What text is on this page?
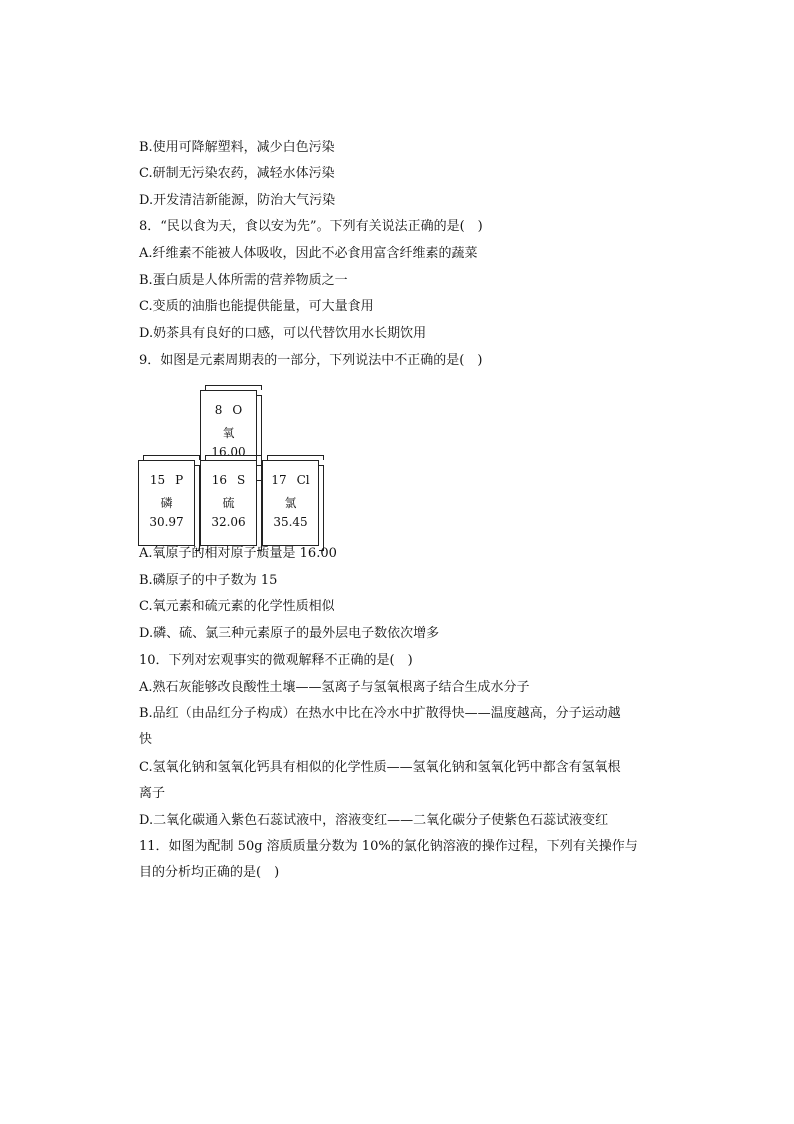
B.使用可降解塑料，减少白色污染
C.研制无污染农药，减轻水体污染
D.开发清洁新能源，防治大气污染
8．“民以食为天，食以安为先”。下列有关说法正确的是(　)
A.纤维素不能被人体吸收，因此不必食用富含纤维素的蔬菜
B.蛋白质是人体所需的营养物质之一
C.变质的油脂也能提供能量，可大量食用
D.奶茶具有良好的口感，可以代替饮用水长期饮用
9．如图是元素周期表的一部分，下列说法中不正确的是(　)
8 O
氧
16.00
15 P
磷
30.97
16 S
硫
32.06
17 Cl
氯
35.45
A.氧原子的相对原子质量是 16.00
B.磷原子的中子数为 15
C.氧元素和硫元素的化学性质相似
D.磷、硫、氯三种元素原子的最外层电子数依次增多
10．下列对宏观事实的微观解释不正确的是(　)
A.熟石灰能够改良酸性土壤——氢离子与氢氧根离子结合生成水分子
B.品红（由品红分子构成）在热水中比在冷水中扩散得快——温度越高，分子运动越
快
C.氢氧化钠和氢氧化钙具有相似的化学性质——氢氧化钠和氢氧化钙中都含有氢氧根
离子
D.二氧化碳通入紫色石蕊试液中，溶液变红——二氧化碳分子使紫色石蕊试液变红
11．如图为配制 50g 溶质质量分数为 10%的氯化钠溶液的操作过程，下列有关操作与
目的分析均正确的是(　)
